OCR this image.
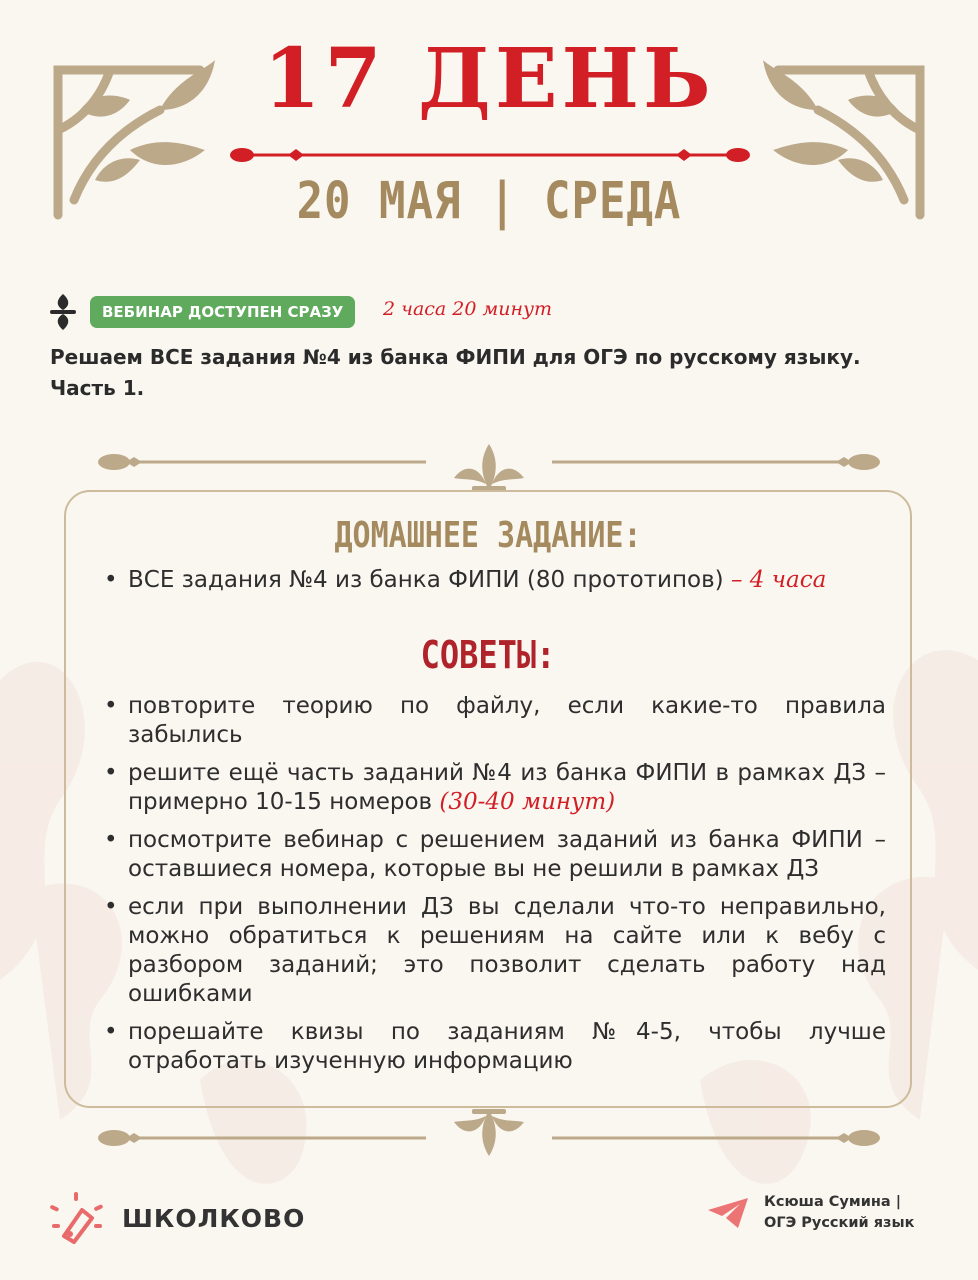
17 ДЕНЬ
20 МАЯ | СРЕДА
ВЕБИНАР ДОСТУПЕН СРАЗУ	2 часа 20 минут
Решаем ВСЕ задания №4 из банка ФИПИ для ОГЭ по русскому языку.
Часть 1.
ДОМАШНЕЕ ЗАДАНИЕ:
• ВСЕ задания №4 из банка ФИПИ (80 прототипов) – 4 часа
СОВЕТЫ:
• повторите теорию по файлу, если какие-то правила забылись
• решите ещё часть заданий №4 из банка ФИПИ в рамках ДЗ – примерно 10-15 номеров (30-40 минут)
• посмотрите вебинар с решением заданий из банка ФИПИ – оставшиеся номера, которые вы не решили в рамках ДЗ
• если при выполнении ДЗ вы сделали что-то неправильно, можно обратиться к решениям на сайте или к вебу с разбором заданий; это позволит сделать работу над ошибками
• порешайте квизы по заданиям №4-5, чтобы лучше отработать изученную информацию
ШКОЛКОВО
Ксюша Сумина |
ОГЭ Русский язык
